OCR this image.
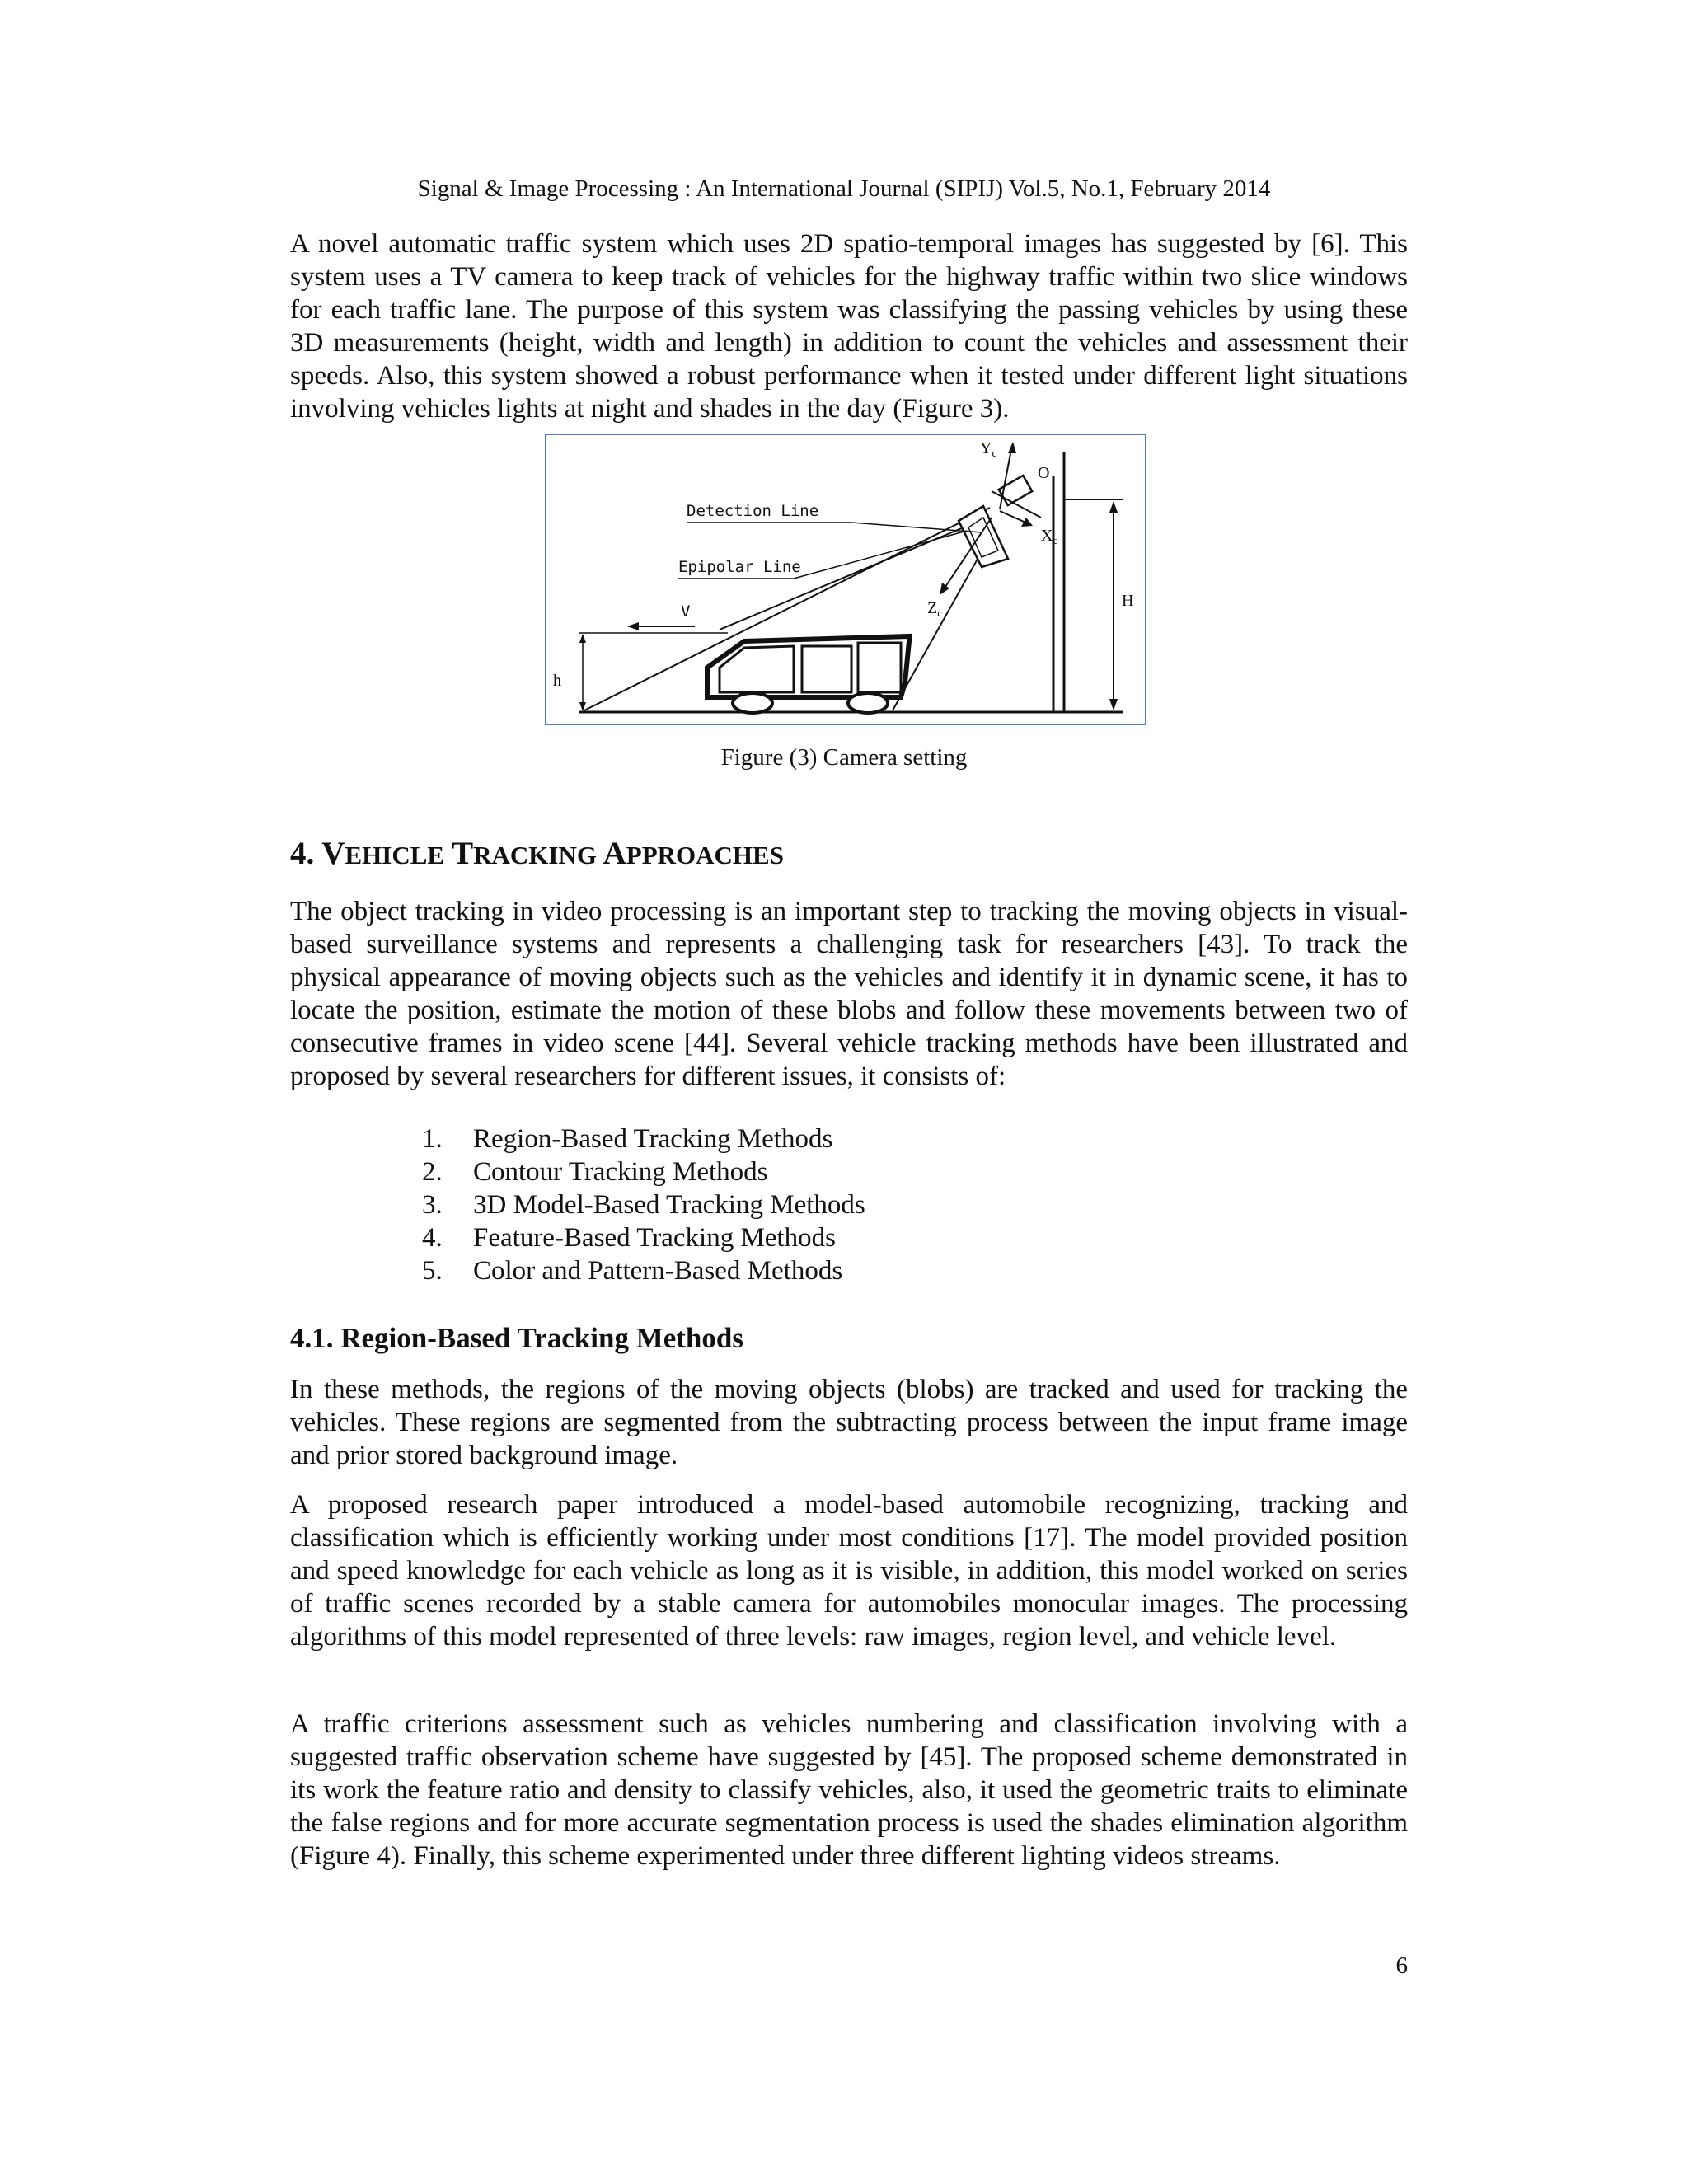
Signal & Image Processing : An International Journal (SIPIJ) Vol.5, No.1, February 2014

A novel automatic traffic system which uses 2D spatio-temporal images has suggested by [6]. This system uses a TV camera to keep track of vehicles for the highway traffic within two slice windows for each traffic lane. The purpose of this system was classifying the passing vehicles by using these 3D measurements (height, width and length) in addition to count the vehicles and assessment their speeds. Also, this system showed a robust performance when it tested under different light situations involving vehicles lights at night and shades in the day (Figure 3).

H
h
V
$Y_c$
$X_c$
$Z_c$
O
Detection Line
Epipolar Line
Figure (3) Camera setting
4. VEHICLE TRACKING APPROACHES

The object tracking in video processing is an important step to tracking the moving objects in visual-based surveillance systems and represents a challenging task for researchers [43]. To track the physical appearance of moving objects such as the vehicles and identify it in dynamic scene, it has to locate the position, estimate the motion of these blobs and follow these movements between two of consecutive frames in video scene [44]. Several vehicle tracking methods have been illustrated and proposed by several researchers for different issues, it consists of:

1.	Region-Based Tracking Methods
2.	Contour Tracking Methods
3.	3D Model-Based Tracking Methods
4.	Feature-Based Tracking Methods
5.	Color and Pattern-Based Methods
4.1. Region-Based Tracking Methods

In these methods, the regions of the moving objects (blobs) are tracked and used for tracking the vehicles. These regions are segmented from the subtracting process between the input frame image and prior stored background image.

A proposed research paper introduced a model-based automobile recognizing, tracking and classification which is efficiently working under most conditions [17]. The model provided position and speed knowledge for each vehicle as long as it is visible, in addition, this model worked on series of traffic scenes recorded by a stable camera for automobiles monocular images. The processing algorithms of this model represented of three levels: raw images, region level, and vehicle level.

A traffic criterions assessment such as vehicles numbering and classification involving with a suggested traffic observation scheme have suggested by [45]. The proposed scheme demonstrated in its work the feature ratio and density to classify vehicles, also, it used the geometric traits to eliminate the false regions and for more accurate segmentation process is used the shades elimination algorithm (Figure 4). Finally, this scheme experimented under three different lighting videos streams.

6
